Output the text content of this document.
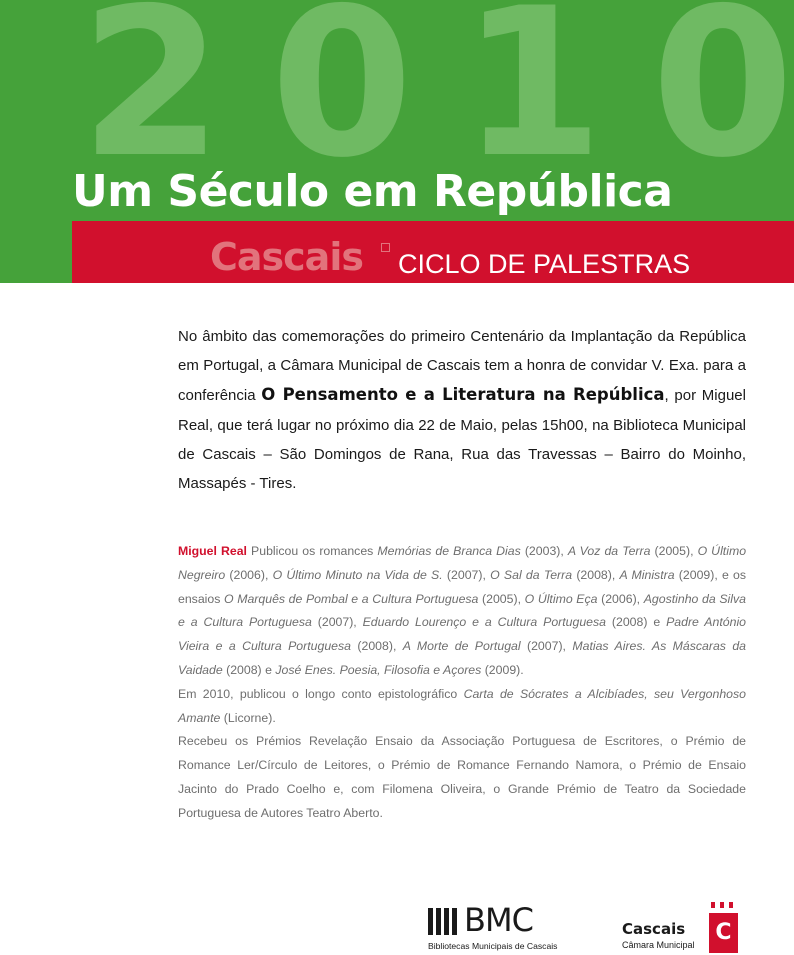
2 0 1 0
Um Século em República
Cascais CICLO DE PALESTRAS
No âmbito das comemorações do primeiro Centenário da Implantação da República em Portugal, a Câmara Municipal de Cascais tem a honra de convidar V. Exa. para a conferência O Pensamento e a Literatura na República, por Miguel Real, que terá lugar no próximo dia 22 de Maio, pelas 15h00, na Biblioteca Municipal de Cascais – São Domingos de Rana, Rua das Travessas – Bairro do Moinho, Massapés - Tires.

Miguel Real Publicou os romances Memórias de Branca Dias (2003), A Voz da Terra (2005), O Último Negreiro (2006), O Último Minuto na Vida de S. (2007), O Sal da Terra (2008), A Ministra (2009), e os ensaios O Marquês de Pombal e a Cultura Portuguesa (2005), O Último Eça (2006), Agostinho da Silva e a Cultura Portuguesa (2007), Eduardo Lourenço e a Cultura Portuguesa (2008) e Padre António Vieira e a Cultura Portuguesa (2008), A Morte de Portugal (2007), Matias Aires. As Máscaras da Vaidade (2008) e José Enes. Poesia, Filosofia e Açores (2009).

Em 2010, publicou o longo conto epistolográfico Carta de Sócrates a Alcibíades, seu Vergonhoso Amante (Licorne).

Recebeu os Prémios Revelação Ensaio da Associação Portuguesa de Escritores, o Prémio de Romance Ler/Círculo de Leitores, o Prémio de Romance Fernando Namora, o Prémio de Ensaio Jacinto do Prado Coelho e, com Filomena Oliveira, o Grande Prémio de Teatro da Sociedade Portuguesa de Autores Teatro Aberto.

BMC
Bibliotecas Municipais de Cascais
Cascais
Câmara Municipal C
